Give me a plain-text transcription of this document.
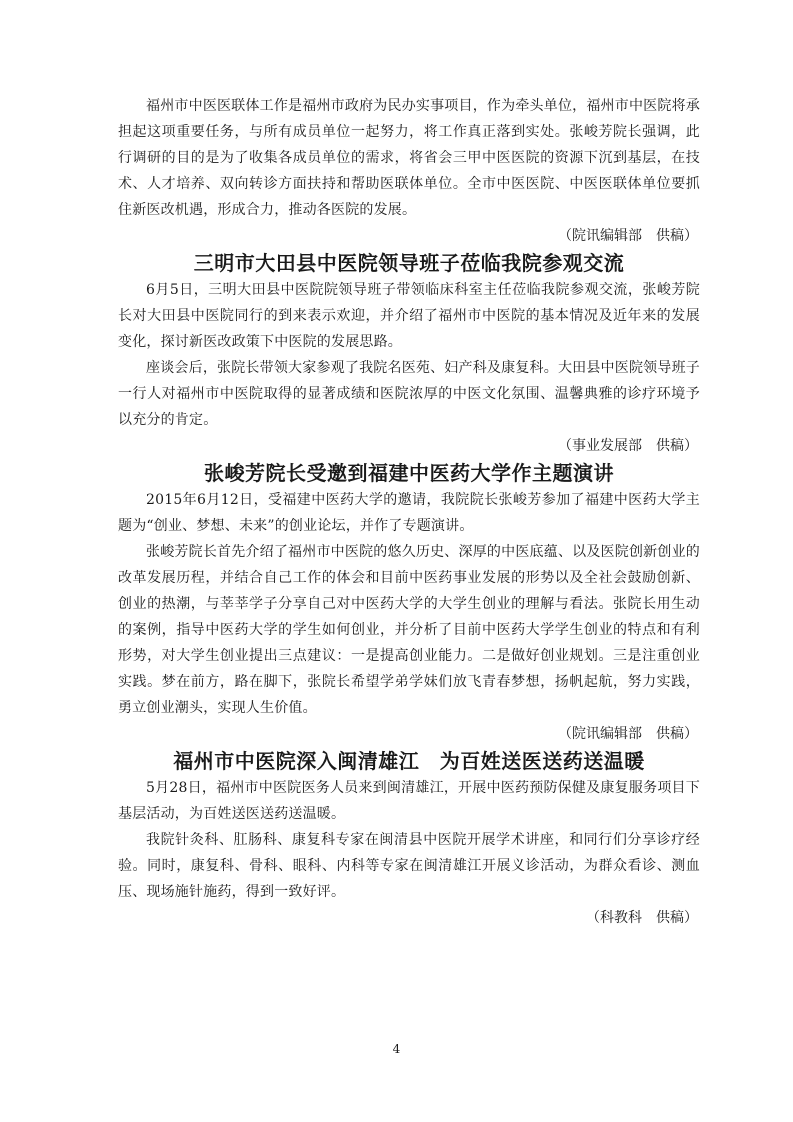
福州市中医医联体工作是福州市政府为民办实事项目，作为牵头单位，福州市中医院将承担起这项重要任务，与所有成员单位一起努力，将工作真正落到实处。张峻芳院长强调，此行调研的目的是为了收集各成员单位的需求，将省会三甲中医医院的资源下沉到基层，在技术、人才培养、双向转诊方面扶持和帮助医联体单位。全市中医医院、中医医联体单位要抓住新医改机遇，形成合力，推动各医院的发展。

（院讯编辑部　供稿）
三明市大田县中医院领导班子莅临我院参观交流

6月5日，三明大田县中医院院领导班子带领临床科室主任莅临我院参观交流，张峻芳院长对大田县中医院同行的到来表示欢迎，并介绍了福州市中医院的基本情况及近年来的发展变化，探讨新医改政策下中医院的发展思路。

座谈会后，张院长带领大家参观了我院名医苑、妇产科及康复科。大田县中医院领导班子一行人对福州市中医院取得的显著成绩和医院浓厚的中医文化氛围、温馨典雅的诊疗环境予以充分的肯定。

（事业发展部　供稿）
张峻芳院长受邀到福建中医药大学作主题演讲

2015年6月12日，受福建中医药大学的邀请，我院院长张峻芳参加了福建中医药大学主题为“创业、梦想、未来”的创业论坛，并作了专题演讲。

张峻芳院长首先介绍了福州市中医院的悠久历史、深厚的中医底蕴、以及医院创新创业的改革发展历程，并结合自己工作的体会和目前中医药事业发展的形势以及全社会鼓励创新、创业的热潮，与莘莘学子分享自己对中医药大学的大学生创业的理解与看法。张院长用生动的案例，指导中医药大学的学生如何创业，并分析了目前中医药大学学生创业的特点和有利形势，对大学生创业提出三点建议：一是提高创业能力。二是做好创业规划。三是注重创业实践。梦在前方，路在脚下，张院长希望学弟学妹们放飞青春梦想，扬帆起航，努力实践，勇立创业潮头，实现人生价值。

（院讯编辑部　供稿）
福州市中医院深入闽清雄江　为百姓送医送药送温暖

5月28日，福州市中医院医务人员来到闽清雄江，开展中医药预防保健及康复服务项目下基层活动，为百姓送医送药送温暖。

我院针灸科、肛肠科、康复科专家在闽清县中医院开展学术讲座，和同行们分享诊疗经验。同时，康复科、骨科、眼科、内科等专家在闽清雄江开展义诊活动，为群众看诊、测血压、现场施针施药，得到一致好评。

（科教科　供稿）
4
